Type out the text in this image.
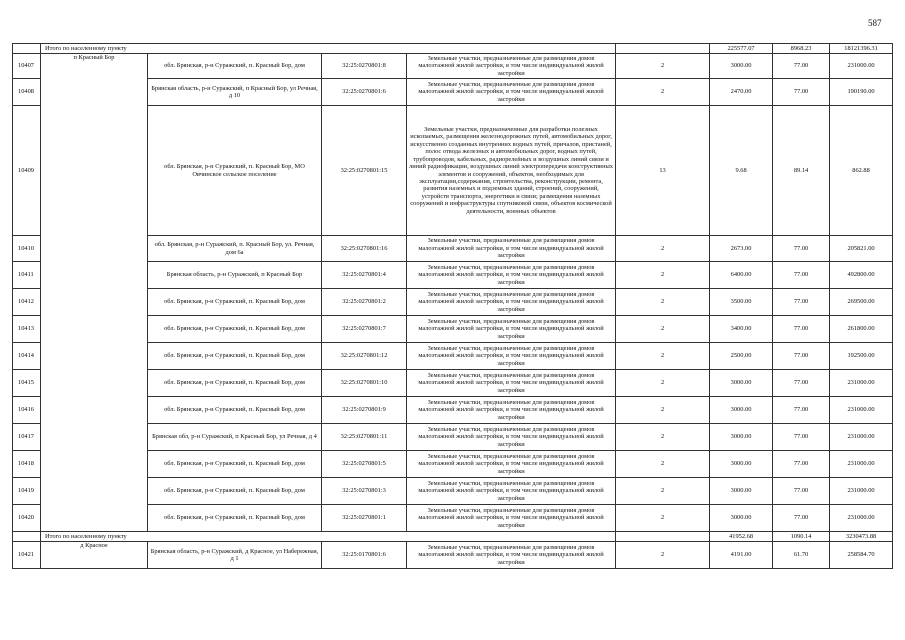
587
	Итого по населенному пункту					225577.07	8968.23	18121396.31
10407	п Красный Бор	обл. Брянская, р-н Суражский, п. Красный Бор, дом	32:25:0270801:8	Земельные участки, предназначенные для размещения домов малоэтажной жилой застройки, в том числе индивидуальной жилой застройки	2	3000.00	77.00	231000.00
10408		Брянская область, р-н Суражский, п Красный Бор, ул Речная, д 10	32:25:0270801:6	Земельные участки, предназначенные для размещения домов малоэтажной жилой застройки, в том числе индивидуальной жилой застройки	2	2470.00	77.00	190190.00
10409		обл. Брянская, р-н Суражский, п. Красный Бор, МО Овчинское сельское поселение	32:25:0270801:15	Земельные участки, предназначенные для разработки полезных ископаемых, размещения железнодорожных путей, автомобильных дорог, искусственно созданных внутренних водных путей, причалов, пристаней, полос отвода железных и автомобильных дорог, водных путей, трубопроводов, кабельных, радиорелейных и воздушных линий связи и линий радиофикации, воздушных линий электропередачи конструктивных элементов и сооружений, объектов, необходимых для эксплуатации,содержания, строительства, реконструкции, ремонта, развития наземных и подземных зданий, строений, сооружений, устройств транспорта, энергетики и связи; размещения наземных сооружений и инфраструктуры спутниковой связи, объектов космической деятельности, военных объектов	13	9.68	89.14	862.88
10410		обл. Брянская, р-н Суражский, п. Красный Бор, ул. Речная, дом 6а	32:25:0270801:16	Земельные участки, предназначенные для размещения домов малоэтажной жилой застройки, в том числе индивидуальной жилой застройки	2	2673.00	77.00	205821.00
10411		Брянская область, р-н Суражский, п Красный Бор	32:25:0270801:4	Земельные участки, предназначенные для размещения домов малоэтажной жилой застройки, в том числе индивидуальной жилой застройки	2	6400.00	77.00	492800.00
10412		обл. Брянская, р-н Суражский, п. Красный Бор, дом	32:25:0270801:2	Земельные участки, предназначенные для размещения домов малоэтажной жилой застройки, в том числе индивидуальной жилой застройки	2	3500.00	77.00	269500.00
10413		обл. Брянская, р-н Суражский, п. Красный Бор, дом	32:25:0270801:7	Земельные участки, предназначенные для размещения домов малоэтажной жилой застройки, в том числе индивидуальной жилой застройки	2	3400.00	77.00	261800.00
10414		обл. Брянская, р-н Суражский, п. Красный Бор, дом	32:25:0270801:12	Земельные участки, предназначенные для размещения домов малоэтажной жилой застройки, в том числе индивидуальной жилой застройки	2	2500.00	77.00	192500.00
10415		обл. Брянская, р-н Суражский, п. Красный Бор, дом	32:25:0270801:10	Земельные участки, предназначенные для размещения домов малоэтажной жилой застройки, в том числе индивидуальной жилой застройки	2	3000.00	77.00	231000.00
10416		обл. Брянская, р-н Суражский, п. Красный Бор, дом	32:25:0270801:9	Земельные участки, предназначенные для размещения домов малоэтажной жилой застройки, в том числе индивидуальной жилой застройки	2	3000.00	77.00	231000.00
10417		Брянская обл, р-н Суражский, п Красный Бор, ул Речная, д 4	32:25:0270801:11	Земельные участки, предназначенные для размещения домов малоэтажной жилой застройки, в том числе индивидуальной жилой застройки	2	3000.00	77.00	231000.00
10418		обл. Брянская, р-н Суражский, п. Красный Бор, дом	32:25:0270801:5	Земельные участки, предназначенные для размещения домов малоэтажной жилой застройки, в том числе индивидуальной жилой застройки	2	3000.00	77.00	231000.00
10419		обл. Брянская, р-н Суражский, п. Красный Бор, дом	32:25:0270801:3	Земельные участки, предназначенные для размещения домов малоэтажной жилой застройки, в том числе индивидуальной жилой застройки	2	3000.00	77.00	231000.00
10420		обл. Брянская, р-н Суражский, п. Красный Бор, дом	32:25:0270801:1	Земельные участки, предназначенные для размещения домов малоэтажной жилой застройки, в том числе индивидуальной жилой застройки	2	3000.00	77.00	231000.00
	Итого по населенному пункту					41952.68	1090.14	3230473.88
10421	д Красное	Брянская область, р-н Суражский, д Красное, ул Набережная, д 1	32:25:0170801:6	Земельные участки, предназначенные для размещения домов малоэтажной жилой застройки, в том числе индивидуальной жилой застройки	2	4191.00	61.70	258584.70
